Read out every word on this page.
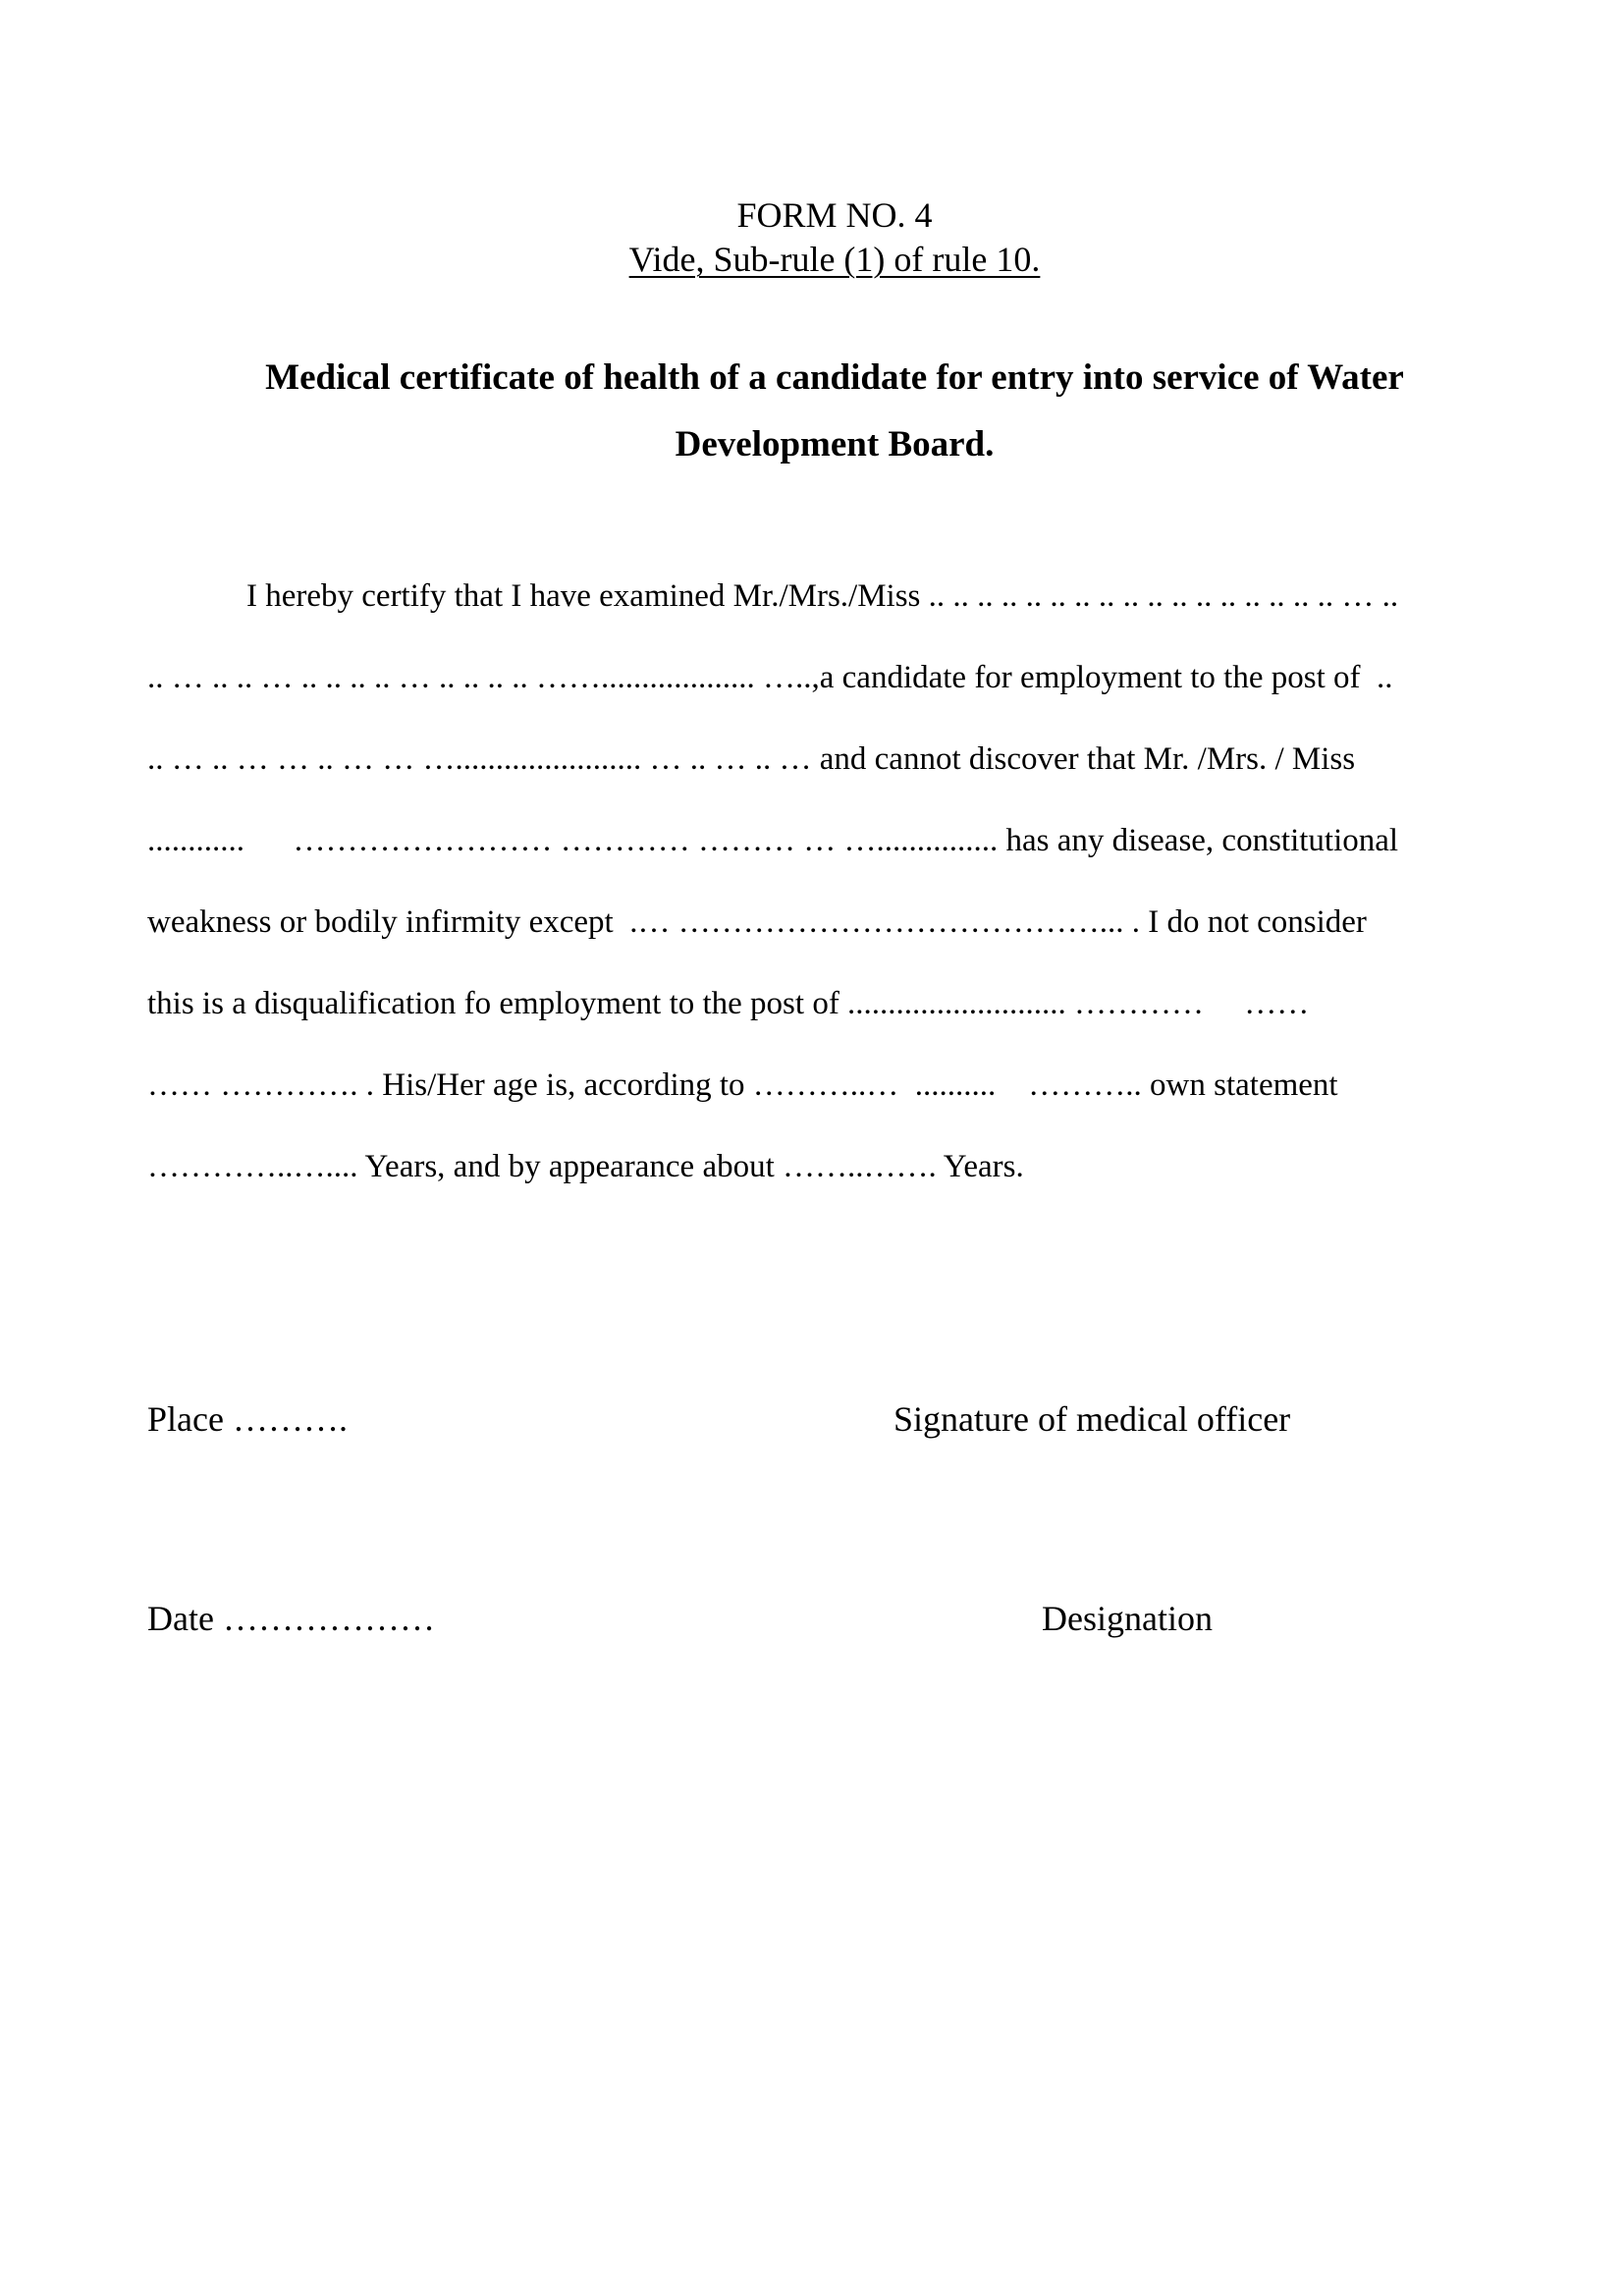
FORM NO. 4
Vide, Sub-rule (1) of rule 10.
Medical certificate of health of a candidate for entry into service of Water
Development Board.
I hereby certify that I have examined Mr./Mrs./Miss .. .. .. .. .. .. .. .. .. .. .. .. .. .. .. .. .. … ..
.. … .. .. … .. .. .. .. … .. .. .. .. ……................... …..,a candidate for employment to the post of  ..
.. … .. … … .. … … …....................... … .. … .. … and cannot discover that Mr. /Mrs. / Miss
............      …………………… ………… ……… … …............... has any disease, constitutional
weakness or bodily infirmity except  .… …………………………………... . I do not consider
this is a disqualification fo employment to the post of ........................... …………     ……
…… …………. . His/Her age is, according to ………..…  ..........    ……….. own statement
…………..….... Years, and by appearance about ……..……. Years.
Place ……….	Signature of medical officer
Date ………………	Designation
